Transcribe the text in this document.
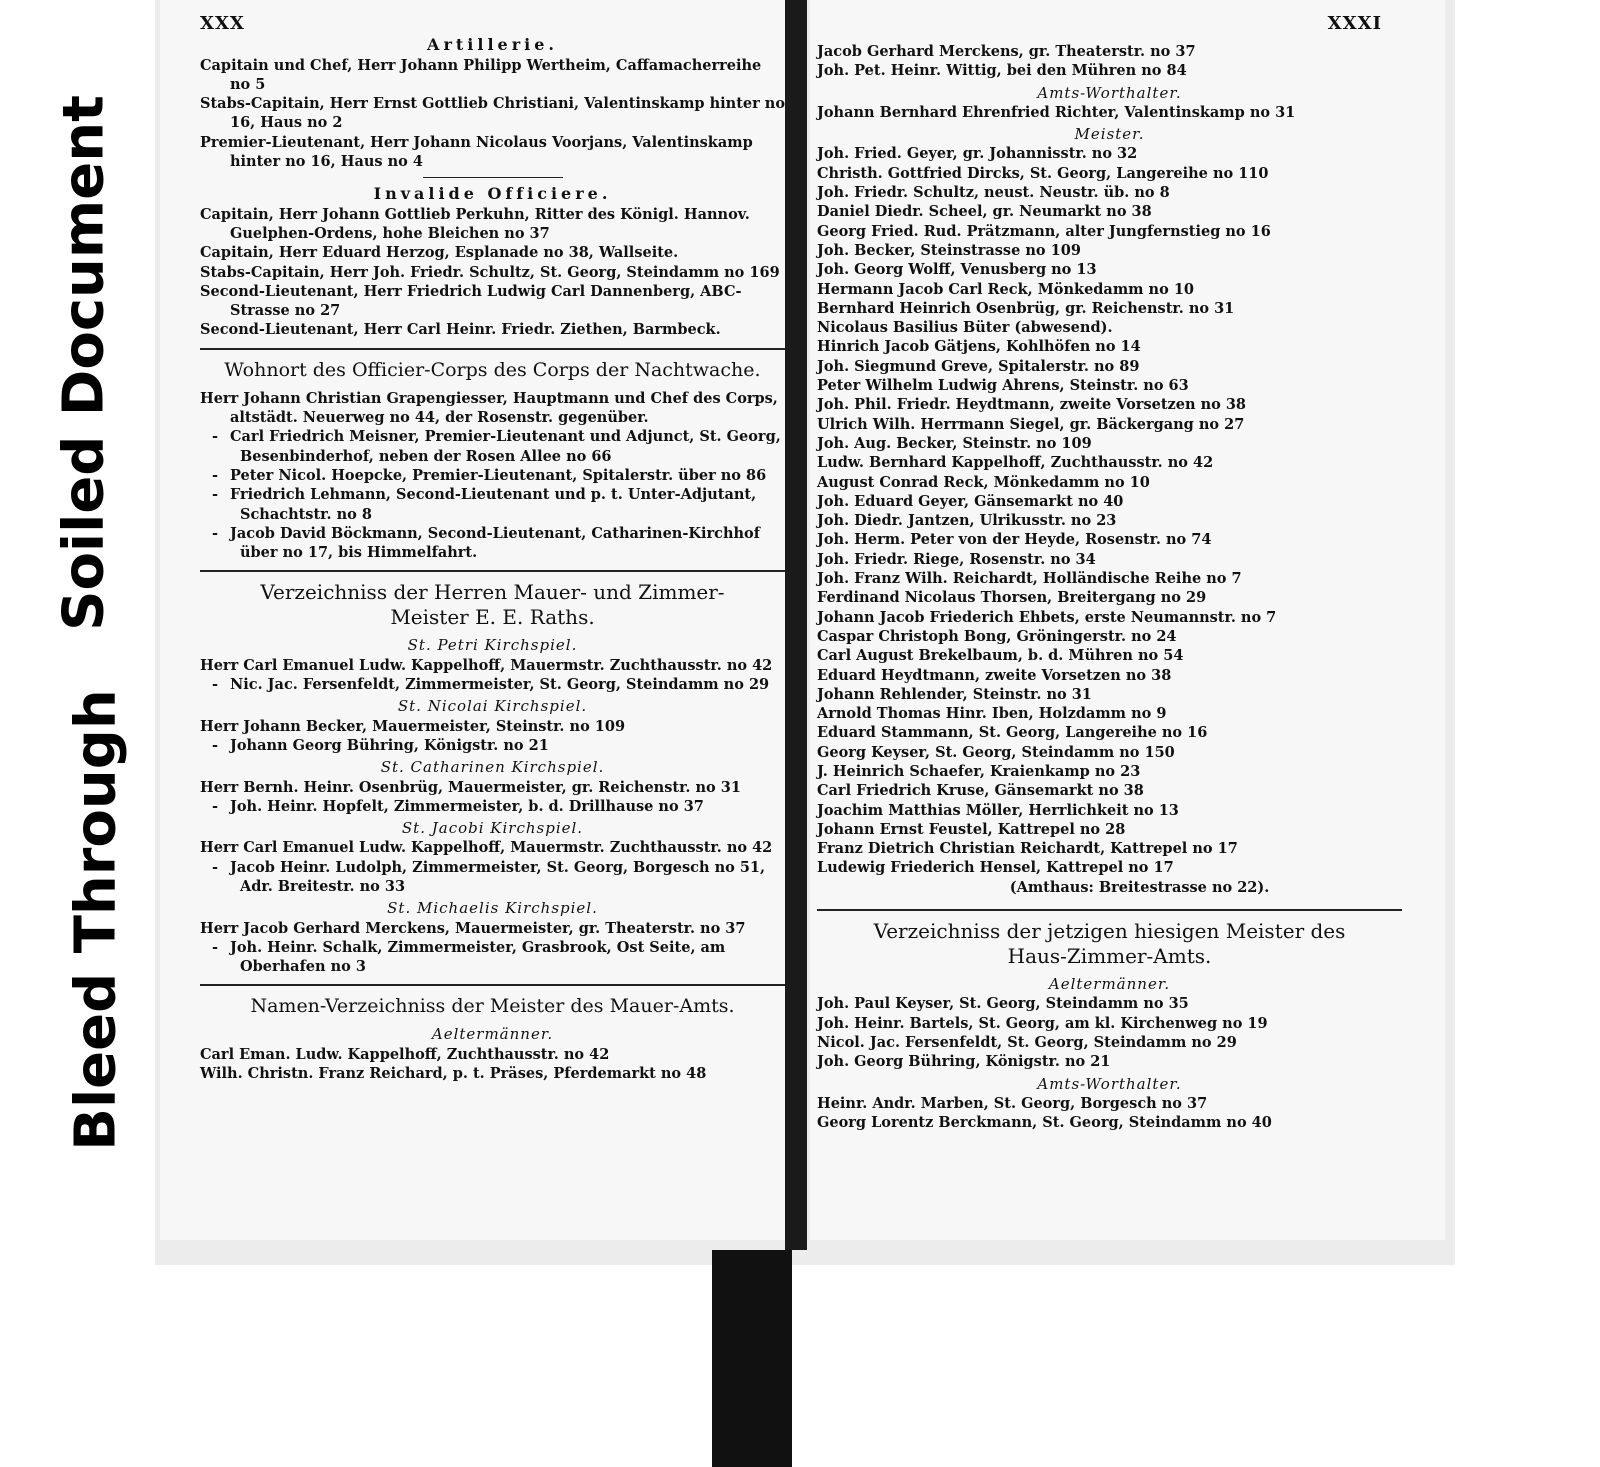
Soiled Document
Bleed Through
XXX
Artillerie.
Capitain und Chef, Herr Johann Philipp Wertheim, Caffamacherreihe no 5
Stabs-Capitain, Herr Ernst Gottlieb Christiani, Valentinskamp hinter no 16, Haus no 2
Premier-Lieutenant, Herr Johann Nicolaus Voorjans, Valentinskamp hinter no 16, Haus no 4
Invalide Officiere.
Capitain, Herr Johann Gottlieb Perkuhn, Ritter des Königl. Hannov. Guelphen-Ordens, hohe Bleichen no 37
Capitain, Herr Eduard Herzog, Esplanade no 38, Wallseite.
Stabs-Capitain, Herr Joh. Friedr. Schultz, St. Georg, Steindamm no 169
Second-Lieutenant, Herr Friedrich Ludwig Carl Dannenberg, ABC-Strasse no 27
Second-Lieutenant, Herr Carl Heinr. Friedr. Ziethen, Barmbeck.
Wohnort des Officier-Corps des Corps der Nachtwache.
Herr Johann Christian Grapengiesser, Hauptmann und Chef des Corps, altstädt. Neuerweg no 44, der Rosenstr. gegenüber.
- Carl Friedrich Meisner, Premier-Lieutenant und Adjunct, St. Georg, Besenbinderhof, neben der Rosen Allee no 66
- Peter Nicol. Hoepcke, Premier-Lieutenant, Spitalerstr. über no 86
- Friedrich Lehmann, Second-Lieutenant und p. t. Unter-Adjutant, Schachtstr. no 8
- Jacob David Böckmann, Second-Lieutenant, Catharinen-Kirchhof über no 17, bis Himmelfahrt.
Verzeichniss der Herren Mauer- und Zimmer-
Meister E. E. Raths.
St. Petri Kirchspiel.
Herr Carl Emanuel Ludw. Kappelhoff, Mauermstr. Zuchthausstr. no 42
- Nic. Jac. Fersenfeldt, Zimmermeister, St. Georg, Steindamm no 29
St. Nicolai Kirchspiel.
Herr Johann Becker, Mauermeister, Steinstr. no 109
- Johann Georg Bühring, Königstr. no 21
St. Catharinen Kirchspiel.
Herr Bernh. Heinr. Osenbrüg, Mauermeister, gr. Reichenstr. no 31
- Joh. Heinr. Hopfelt, Zimmermeister, b. d. Drillhause no 37
St. Jacobi Kirchspiel.
Herr Carl Emanuel Ludw. Kappelhoff, Mauermstr. Zuchthausstr. no 42
- Jacob Heinr. Ludolph, Zimmermeister, St. Georg, Borgesch no 51, Adr. Breitestr. no 33
St. Michaelis Kirchspiel.
Herr Jacob Gerhard Merckens, Mauermeister, gr. Theaterstr. no 37
- Joh. Heinr. Schalk, Zimmermeister, Grasbrook, Ost Seite, am Oberhafen no 3
Namen-Verzeichniss der Meister des Mauer-Amts.
Aeltermänner.
Carl Eman. Ludw. Kappelhoff, Zuchthausstr. no 42
Wilh. Christn. Franz Reichard, p. t. Präses, Pferdemarkt no 48
XXXI
Jacob Gerhard Merckens, gr. Theaterstr. no 37
Joh. Pet. Heinr. Wittig, bei den Mühren no 84
Amts-Worthalter.
Johann Bernhard Ehrenfried Richter, Valentinskamp no 31
Meister.
Joh. Fried. Geyer, gr. Johannisstr. no 32
Christh. Gottfried Dircks, St. Georg, Langereihe no 110
Joh. Friedr. Schultz, neust. Neustr. üb. no 8
Daniel Diedr. Scheel, gr. Neumarkt no 38
Georg Fried. Rud. Prätzmann, alter Jungfernstieg no 16
Joh. Becker, Steinstrasse no 109
Joh. Georg Wolff, Venusberg no 13
Hermann Jacob Carl Reck, Mönkedamm no 10
Bernhard Heinrich Osenbrüg, gr. Reichenstr. no 31
Nicolaus Basilius Büter (abwesend).
Hinrich Jacob Gätjens, Kohlhöfen no 14
Joh. Siegmund Greve, Spitalerstr. no 89
Peter Wilhelm Ludwig Ahrens, Steinstr. no 63
Joh. Phil. Friedr. Heydtmann, zweite Vorsetzen no 38
Ulrich Wilh. Herrmann Siegel, gr. Bäckergang no 27
Joh. Aug. Becker, Steinstr. no 109
Ludw. Bernhard Kappelhoff, Zuchthausstr. no 42
August Conrad Reck, Mönkedamm no 10
Joh. Eduard Geyer, Gänsemarkt no 40
Joh. Diedr. Jantzen, Ulrikusstr. no 23
Joh. Herm. Peter von der Heyde, Rosenstr. no 74
Joh. Friedr. Riege, Rosenstr. no 34
Joh. Franz Wilh. Reichardt, Holländische Reihe no 7
Ferdinand Nicolaus Thorsen, Breitergang no 29
Johann Jacob Friederich Ehbets, erste Neumannstr. no 7
Caspar Christoph Bong, Gröningerstr. no 24
Carl August Brekelbaum, b. d. Mühren no 54
Eduard Heydtmann, zweite Vorsetzen no 38
Johann Rehlender, Steinstr. no 31
Arnold Thomas Hinr. Iben, Holzdamm no 9
Eduard Stammann, St. Georg, Langereihe no 16
Georg Keyser, St. Georg, Steindamm no 150
J. Heinrich Schaefer, Kraienkamp no 23
Carl Friedrich Kruse, Gänsemarkt no 38
Joachim Matthias Möller, Herrlichkeit no 13
Johann Ernst Feustel, Kattrepel no 28
Franz Dietrich Christian Reichardt, Kattrepel no 17
Ludewig Friederich Hensel, Kattrepel no 17
(Amthaus: Breitestrasse no 22).
Verzeichniss der jetzigen hiesigen Meister des
Haus-Zimmer-Amts.
Aeltermänner.
Joh. Paul Keyser, St. Georg, Steindamm no 35
Joh. Heinr. Bartels, St. Georg, am kl. Kirchenweg no 19
Nicol. Jac. Fersenfeldt, St. Georg, Steindamm no 29
Joh. Georg Bühring, Königstr. no 21
Amts-Worthalter.
Heinr. Andr. Marben, St. Georg, Borgesch no 37
Georg Lorentz Berckmann, St. Georg, Steindamm no 40
